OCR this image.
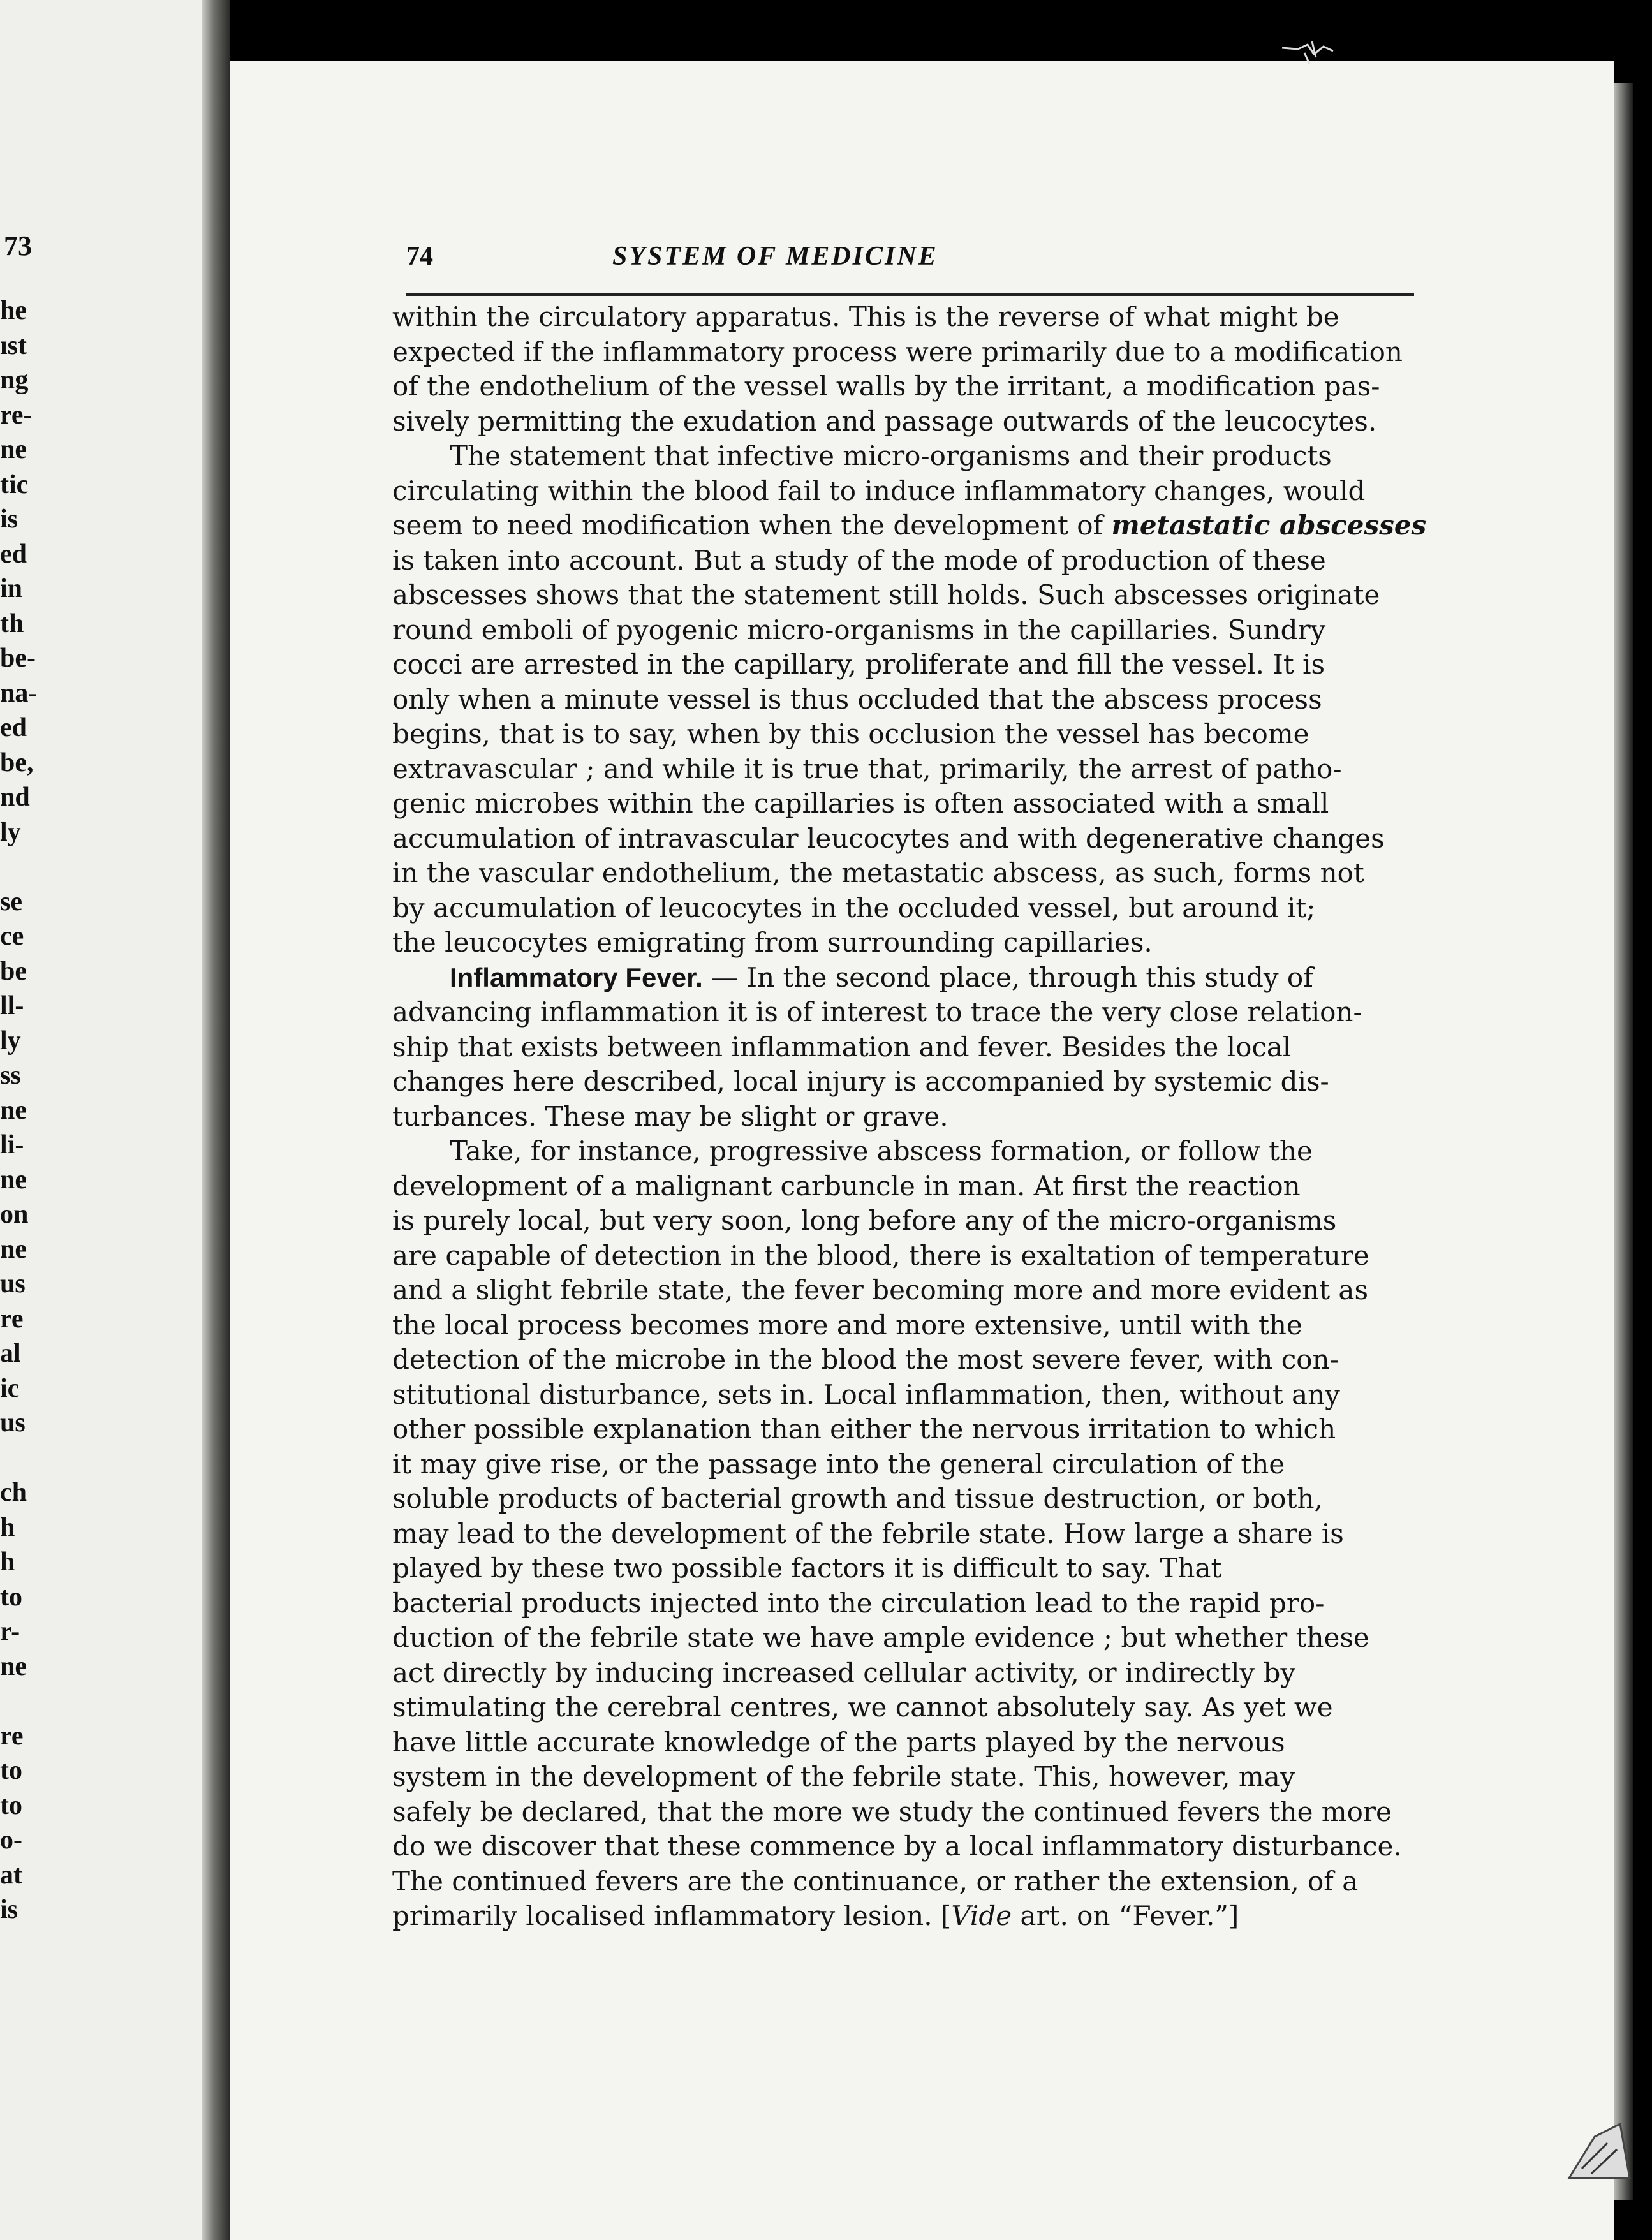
73
he
ıst
ng
re-
ne
tic
is
ed
in
th
be-
na-
ed
be,
nd
ly
se
ce
be
ll-
ly
ss
ne
li-
ne
on
ne
us
re
al
ic
us
ch
h
h
to
r-
ne
re
to
to
o-
at
is
74	SYSTEM OF MEDICINE
within the circulatory apparatus. This is the reverse of what might be
expected if the inflammatory process were primarily due to a modification
of the endothelium of the vessel walls by the irritant, a modification pas-
sively permitting the exudation and passage outwards of the leucocytes.
The statement that infective micro-organisms and their products
circulating within the blood fail to induce inflammatory changes, would
seem to need modification when the development of metastatic abscesses
is taken into account. But a study of the mode of production of these
abscesses shows that the statement still holds. Such abscesses originate
round emboli of pyogenic micro-organisms in the capillaries. Sundry
cocci are arrested in the capillary, proliferate and fill the vessel. It is
only when a minute vessel is thus occluded that the abscess process
begins, that is to say, when by this occlusion the vessel has become
extravascular ; and while it is true that, primarily, the arrest of patho-
genic microbes within the capillaries is often associated with a small
accumulation of intravascular leucocytes and with degenerative changes
in the vascular endothelium, the metastatic abscess, as such, forms not
by accumulation of leucocytes in the occluded vessel, but around it;
the leucocytes emigrating from surrounding capillaries.
Inflammatory Fever. — In the second place, through this study of
advancing inflammation it is of interest to trace the very close relation-
ship that exists between inflammation and fever. Besides the local
changes here described, local injury is accompanied by systemic dis-
turbances. These may be slight or grave.
Take, for instance, progressive abscess formation, or follow the
development of a malignant carbuncle in man. At first the reaction
is purely local, but very soon, long before any of the micro-organisms
are capable of detection in the blood, there is exaltation of temperature
and a slight febrile state, the fever becoming more and more evident as
the local process becomes more and more extensive, until with the
detection of the microbe in the blood the most severe fever, with con-
stitutional disturbance, sets in. Local inflammation, then, without any
other possible explanation than either the nervous irritation to which
it may give rise, or the passage into the general circulation of the
soluble products of bacterial growth and tissue destruction, or both,
may lead to the development of the febrile state. How large a share is
played by these two possible factors it is difficult to say. That
bacterial products injected into the circulation lead to the rapid pro-
duction of the febrile state we have ample evidence ; but whether these
act directly by inducing increased cellular activity, or indirectly by
stimulating the cerebral centres, we cannot absolutely say. As yet we
have little accurate knowledge of the parts played by the nervous
system in the development of the febrile state. This, however, may
safely be declared, that the more we study the continued fevers the more
do we discover that these commence by a local inflammatory disturbance.
The continued fevers are the continuance, or rather the extension, of a
primarily localised inflammatory lesion. [Vide art. on “Fever.”]
